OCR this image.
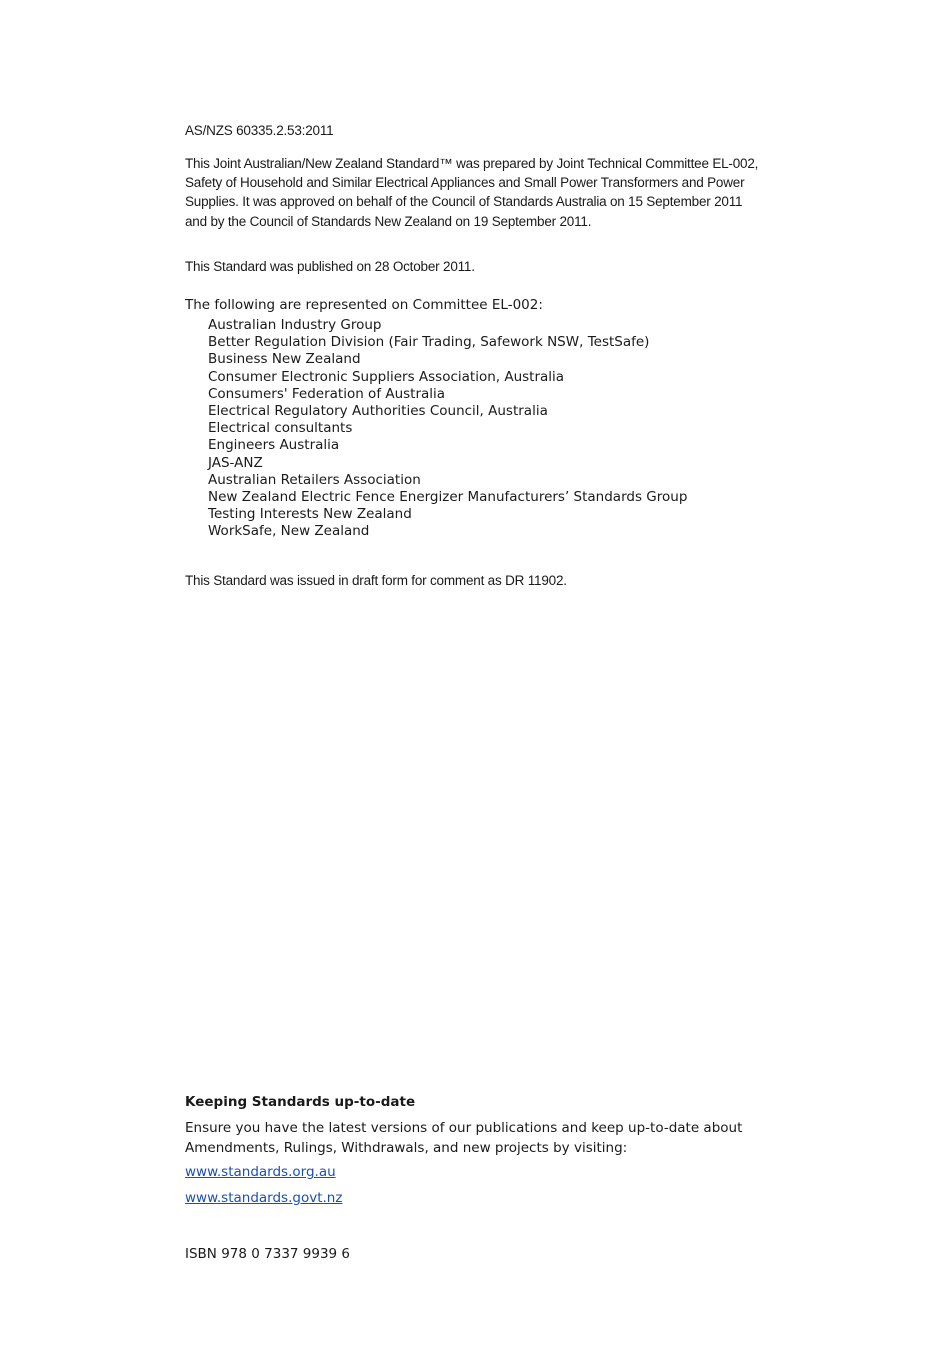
AS/NZS 60335.2.53:2011

This Joint Australian/New Zealand Standard™ was prepared by Joint Technical Committee EL-002, Safety of Household and Similar Electrical Appliances and Small Power Transformers and Power Supplies. It was approved on behalf of the Council of Standards Australia on 15 September 2011 and by the Council of Standards New Zealand on 19 September 2011.

This Standard was published on 28 October 2011.

The following are represented on Committee EL-002:

Australian Industry Group
Better Regulation Division (Fair Trading, Safework NSW, TestSafe)
Business New Zealand
Consumer Electronic Suppliers Association, Australia
Consumers' Federation of Australia
Electrical Regulatory Authorities Council, Australia
Electrical consultants
Engineers Australia
JAS-ANZ
Australian Retailers Association
New Zealand Electric Fence Energizer Manufacturers’ Standards Group
Testing Interests New Zealand
WorkSafe, New Zealand

This Standard was issued in draft form for comment as DR 11902.

Keeping Standards up-to-date

Ensure you have the latest versions of our publications and keep up-to-date about Amendments, Rulings, Withdrawals, and new projects by visiting:

www.standards.org.au
www.standards.govt.nz

ISBN 978 0 7337 9939 6
